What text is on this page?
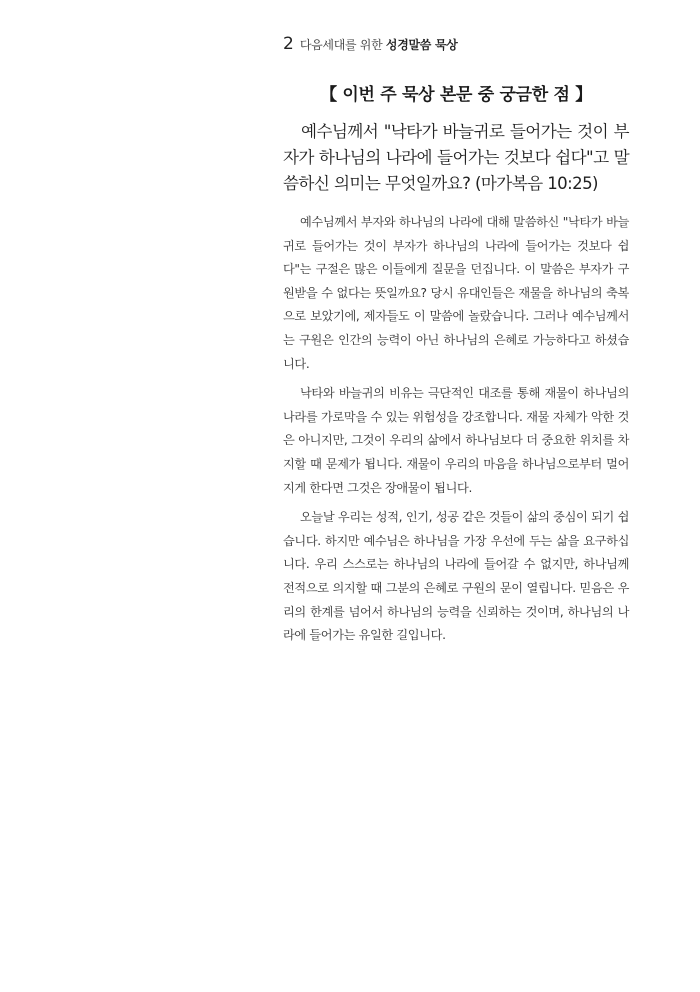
2 다음세대를 위한 성경말씀 묵상
【 이번 주 묵상 본문 중 궁금한 점 】
예수님께서 "낙타가 바늘귀로 들어가는 것이 부자가 하나님의 나라에 들어가는 것보다 쉽다"고 말씀하신 의미는 무엇일까요? (마가복음 10:25)

예수님께서 부자와 하나님의 나라에 대해 말씀하신 "낙타가 바늘귀로 들어가는 것이 부자가 하나님의 나라에 들어가는 것보다 쉽다"는 구절은 많은 이들에게 질문을 던집니다. 이 말씀은 부자가 구원받을 수 없다는 뜻일까요? 당시 유대인들은 재물을 하나님의 축복으로 보았기에, 제자들도 이 말씀에 놀랐습니다. 그러나 예수님께서는 구원은 인간의 능력이 아닌 하나님의 은혜로 가능하다고 하셨습니다.

낙타와 바늘귀의 비유는 극단적인 대조를 통해 재물이 하나님의 나라를 가로막을 수 있는 위험성을 강조합니다. 재물 자체가 악한 것은 아니지만, 그것이 우리의 삶에서 하나님보다 더 중요한 위치를 차지할 때 문제가 됩니다. 재물이 우리의 마음을 하나님으로부터 멀어지게 한다면 그것은 장애물이 됩니다.

오늘날 우리는 성적, 인기, 성공 같은 것들이 삶의 중심이 되기 쉽습니다. 하지만 예수님은 하나님을 가장 우선에 두는 삶을 요구하십니다. 우리 스스로는 하나님의 나라에 들어갈 수 없지만, 하나님께 전적으로 의지할 때 그분의 은혜로 구원의 문이 열립니다. 믿음은 우리의 한계를 넘어서 하나님의 능력을 신뢰하는 것이며, 하나님의 나라에 들어가는 유일한 길입니다.
